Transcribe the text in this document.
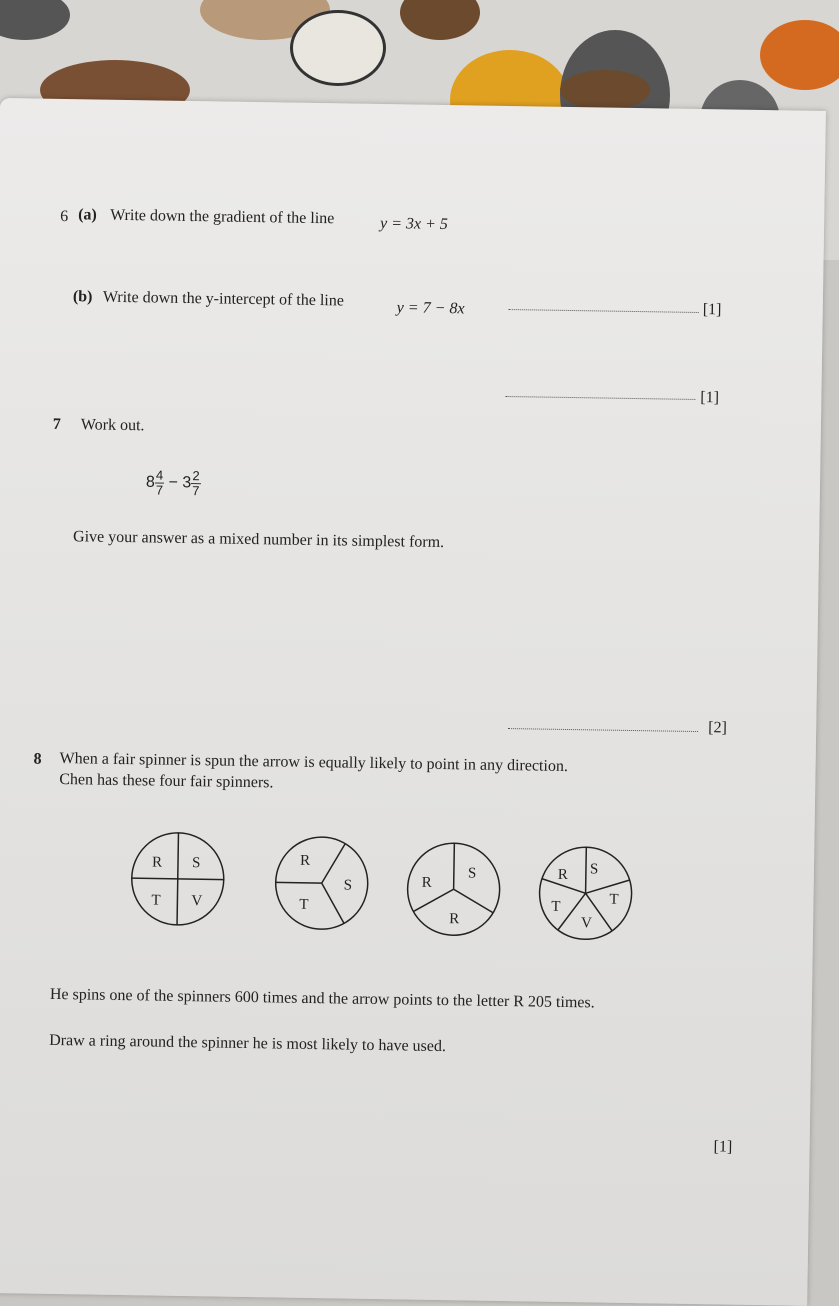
6 (a) Write down the gradient of the line	y = 3x + 5
[1]
(b) Write down the y-intercept of the line	y = 7 − 8x
[1]
7 Work out.
$8 \frac{4}{7} - 3 \frac{2}{7}$
Give your answer as a mixed number in its simplest form.
[2]
8 When a fair spinner is spun the arrow is equally likely to point in any direction.
Chen has these four fair spinners.
R S
T V
R
S
T
R
S
R
R S
T
T
V
He spins one of the spinners 600 times and the arrow points to the letter R 205 times.
Draw a ring around the spinner he is most likely to have used.
[1]
